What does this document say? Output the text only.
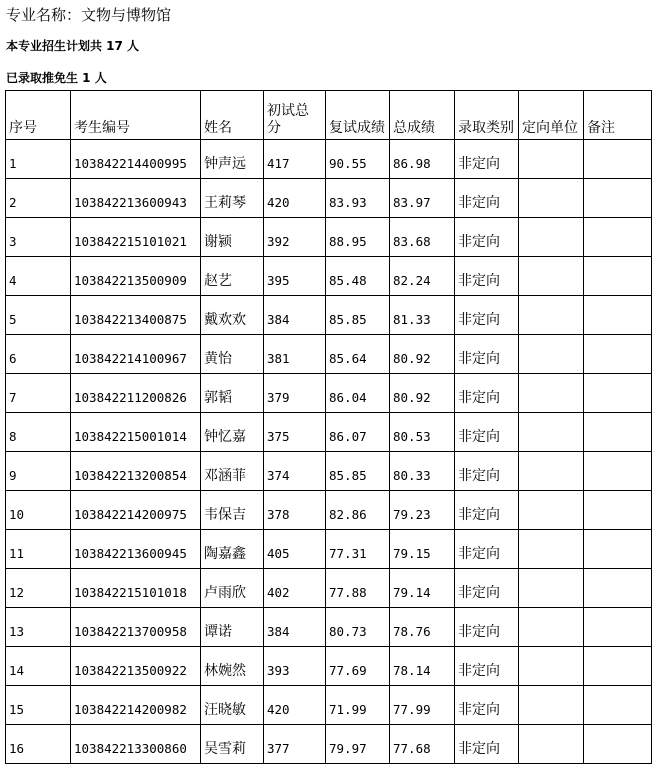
专业名称：文物与博物馆
本专业招生计划共 17 人
已录取推免生 1 人
序号	考生编号	姓名	初试总分	复试成绩	总成绩	录取类别	定向单位	备注
1	103842214400995	钟声远	417	90.55	86.98	非定向		
2	103842213600943	王莉琴	420	83.93	83.97	非定向		
3	103842215101021	谢颍	392	88.95	83.68	非定向		
4	103842213500909	赵艺	395	85.48	82.24	非定向		
5	103842213400875	戴欢欢	384	85.85	81.33	非定向		
6	103842214100967	黄怡	381	85.64	80.92	非定向		
7	103842211200826	郭韬	379	86.04	80.92	非定向		
8	103842215001014	钟忆嘉	375	86.07	80.53	非定向		
9	103842213200854	邓涵菲	374	85.85	80.33	非定向		
10	103842214200975	韦保吉	378	82.86	79.23	非定向		
11	103842213600945	陶嘉鑫	405	77.31	79.15	非定向		
12	103842215101018	卢雨欣	402	77.88	79.14	非定向		
13	103842213700958	谭诺	384	80.73	78.76	非定向		
14	103842213500922	林婉然	393	77.69	78.14	非定向		
15	103842214200982	汪晓敏	420	71.99	77.99	非定向		
16	103842213300860	吴雪莉	377	79.97	77.68	非定向		
